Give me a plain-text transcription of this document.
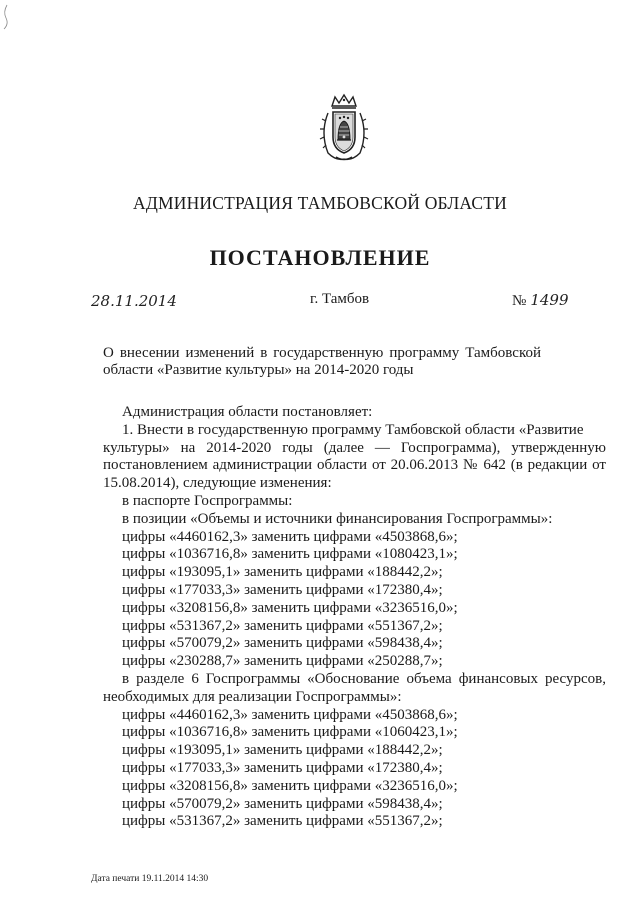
АДМИНИСТРАЦИЯ ТАМБОВСКОЙ ОБЛАСТИ
ПОСТАНОВЛЕНИЕ
28.11.2014	г. Тамбов	№ 1499
О внесении изменений в государственную программу Тамбовской области «Развитие культуры» на 2014-2020 годы
Администрация области постановляет:
1. Внести в государственную программу Тамбовской области «Развитие
культуры» на 2014-2020 годы (далее — Госпрограмма), утвержденную постановлением администрации области от 20.06.2013 № 642 (в редакции от 15.08.2014), следующие изменения:
в паспорте Госпрограммы:
в позиции «Объемы и источники финансирования Госпрограммы»:
цифры «4460162,3» заменить цифрами «4503868,6»;
цифры «1036716,8» заменить цифрами «1080423,1»;
цифры «193095,1» заменить цифрами «188442,2»;
цифры «177033,3» заменить цифрами «172380,4»;
цифры «3208156,8» заменить цифрами «3236516,0»;
цифры «531367,2» заменить цифрами «551367,2»;
цифры «570079,2» заменить цифрами «598438,4»;
цифры «230288,7» заменить цифрами «250288,7»;
в разделе 6 Госпрограммы «Обоснование объема финансовых ресурсов,
необходимых для реализации Госпрограммы»:
цифры «4460162,3» заменить цифрами «4503868,6»;
цифры «1036716,8» заменить цифрами «1060423,1»;
цифры «193095,1» заменить цифрами «188442,2»;
цифры «177033,3» заменить цифрами «172380,4»;
цифры «3208156,8» заменить цифрами «3236516,0»;
цифры «570079,2» заменить цифрами «598438,4»;
цифры «531367,2» заменить цифрами «551367,2»;
Дата печати 19.11.2014 14:30
